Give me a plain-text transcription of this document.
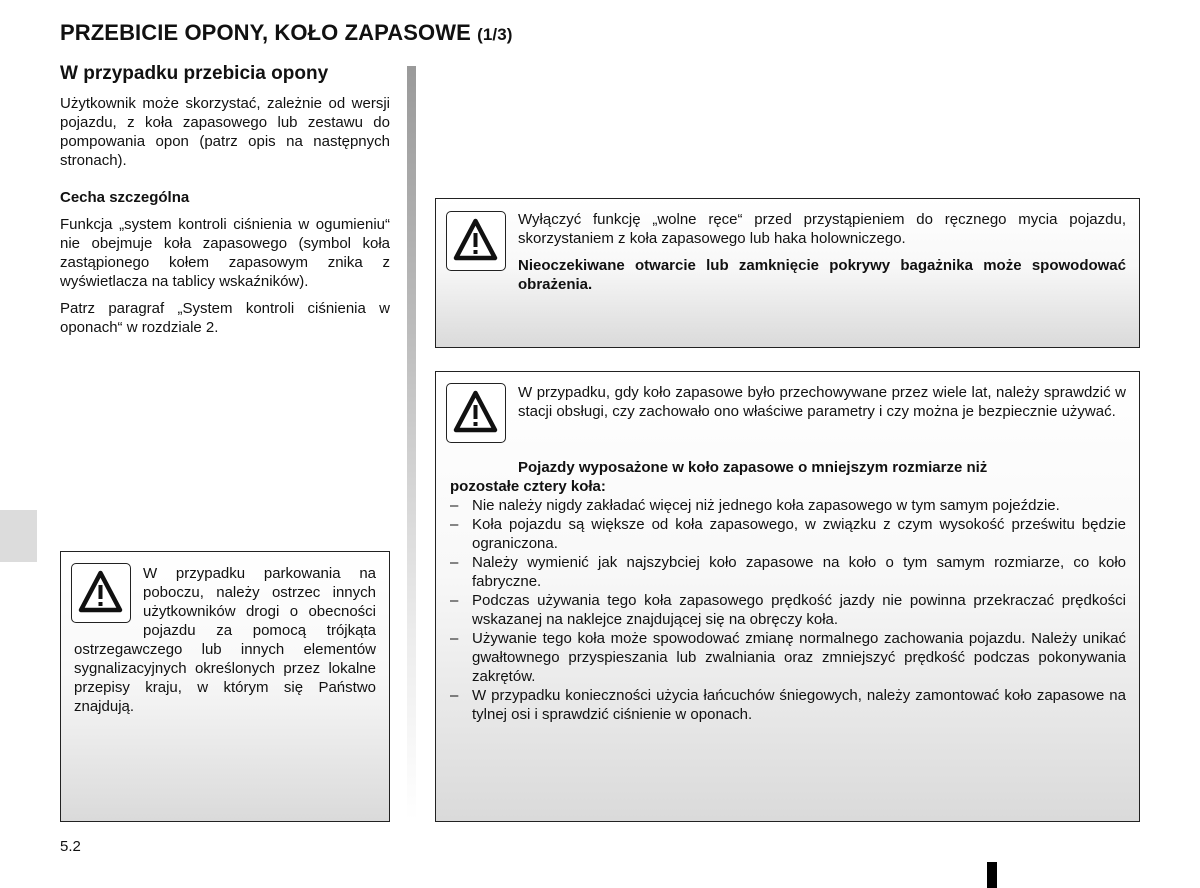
PRZEBICIE OPONY, KOŁO ZAPASOWE (1/3)
W przypadku przebicia opony

Użytkownik może skorzystać, zależnie od wersji pojazdu, z koła zapasowego lub zestawu do pompowania opon (patrz opis na następnych stronach).

Cecha szczególna

Funkcja „system kontroli ciśnienia w ogumieniu“ nie obejmuje koła zapasowego (symbol koła zastąpionego kołem zapasowym znika z wyświetlacza na tablicy wskaźników).

Patrz paragraf „System kontroli ciśnienia w oponach“ w rozdziale 2.

W przypadku parkowania na poboczu, należy ostrzec innych użytkowników drogi o obecności pojazdu za pomocą trójkąta ostrzegawczego lub innych elementów sygnalizacyjnych określonych przez lokalne przepisy kraju, w którym się Państwo znajdują.

Wyłączyć funkcję „wolne ręce“ przed przystąpieniem do ręcznego mycia pojazdu, skorzystaniem z koła zapasowego lub haka holowniczego.

Nieoczekiwane otwarcie lub zamknięcie pokrywy bagażnika może spowodować obrażenia.

W przypadku, gdy koło zapasowe było przechowywane przez wiele lat, należy sprawdzić w stacji obsługi, czy zachowało ono właściwe parametry i czy można je bezpiecznie używać.

Pojazdy wyposażone w koło zapasowe o mniejszym rozmiarze niż

pozostałe cztery koła:

– Nie należy nigdy zakładać więcej niż jednego koła zapasowego w tym samym pojeździe.
– Koła pojazdu są większe od koła zapasowego, w związku z czym wysokość prześwitu będzie ograniczona.
– Należy wymienić jak najszybciej koło zapasowe na koło o tym samym rozmiarze, co koło fabryczne.
– Podczas używania tego koła zapasowego prędkość jazdy nie powinna przekraczać prędkości wskazanej na naklejce znajdującej się na obręczy koła.
– Używanie tego koła może spowodować zmianę normalnego zachowania pojazdu. Należy unikać gwałtownego przyspieszania lub zwalniania oraz zmniejszyć prędkość podczas pokonywania zakrętów.
– W przypadku konieczności użycia łańcuchów śniegowych, należy zamontować koło zapasowe na tylnej osi i sprawdzić ciśnienie w oponach.
5.2
